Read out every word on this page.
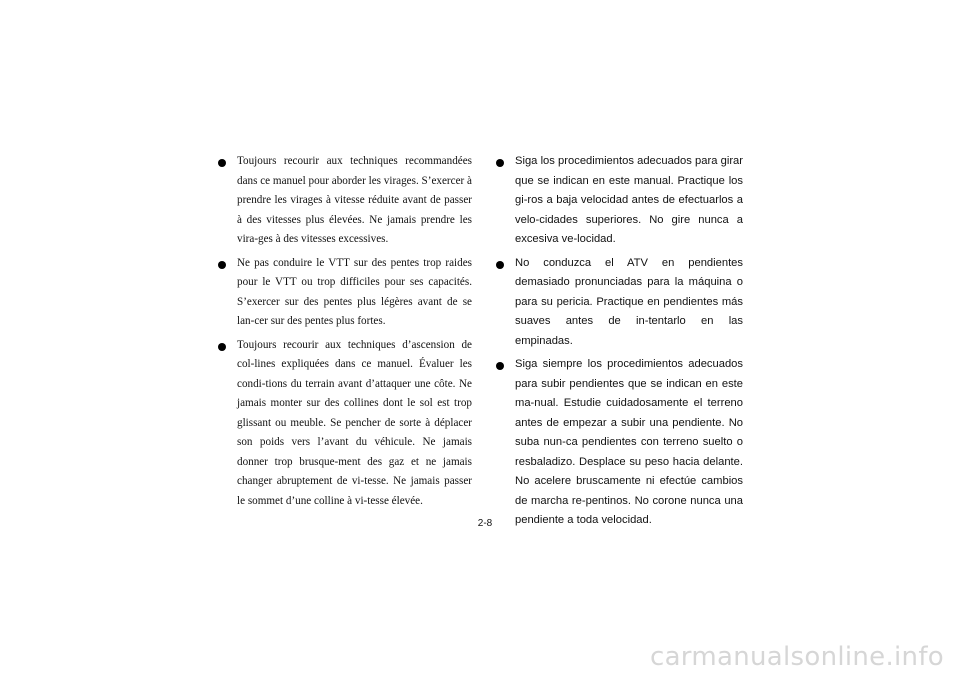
Toujours recourir aux techniques recommandées dans ce manuel pour aborder les virages. S’exercer à prendre les virages à vitesse réduite avant de passer à des vitesses plus élevées. Ne jamais prendre les vira-ges à des vitesses excessives.
Ne pas conduire le VTT sur des pentes trop raides pour le VTT ou trop difficiles pour ses capacités. S’exercer sur des pentes plus légères avant de se lan-cer sur des pentes plus fortes.
Toujours recourir aux techniques d’ascension de col-lines expliquées dans ce manuel. Évaluer les condi-tions du terrain avant d’attaquer une côte. Ne jamais monter sur des collines dont le sol est trop glissant ou meuble. Se pencher de sorte à déplacer son poids vers l’avant du véhicule. Ne jamais donner trop brusque-ment des gaz et ne jamais changer abruptement de vi-tesse. Ne jamais passer le sommet d’une colline à vi-tesse élevée.
Siga los procedimientos adecuados para girar que se indican en este manual. Practique los gi-ros a baja velocidad antes de efectuarlos a velo-cidades superiores. No gire nunca a excesiva ve-locidad.
No conduzca el ATV en pendientes demasiado pronunciadas para la máquina o para su pericia. Practique en pendientes más suaves antes de in-tentarlo en las empinadas.
Siga siempre los procedimientos adecuados para subir pendientes que se indican en este ma-nual. Estudie cuidadosamente el terreno antes de empezar a subir una pendiente. No suba nun-ca pendientes con terreno suelto o resbaladizo. Desplace su peso hacia delante. No acelere bruscamente ni efectúe cambios de marcha re-pentinos. No corone nunca una pendiente a toda velocidad.
2-8
carmanualsonline.info
